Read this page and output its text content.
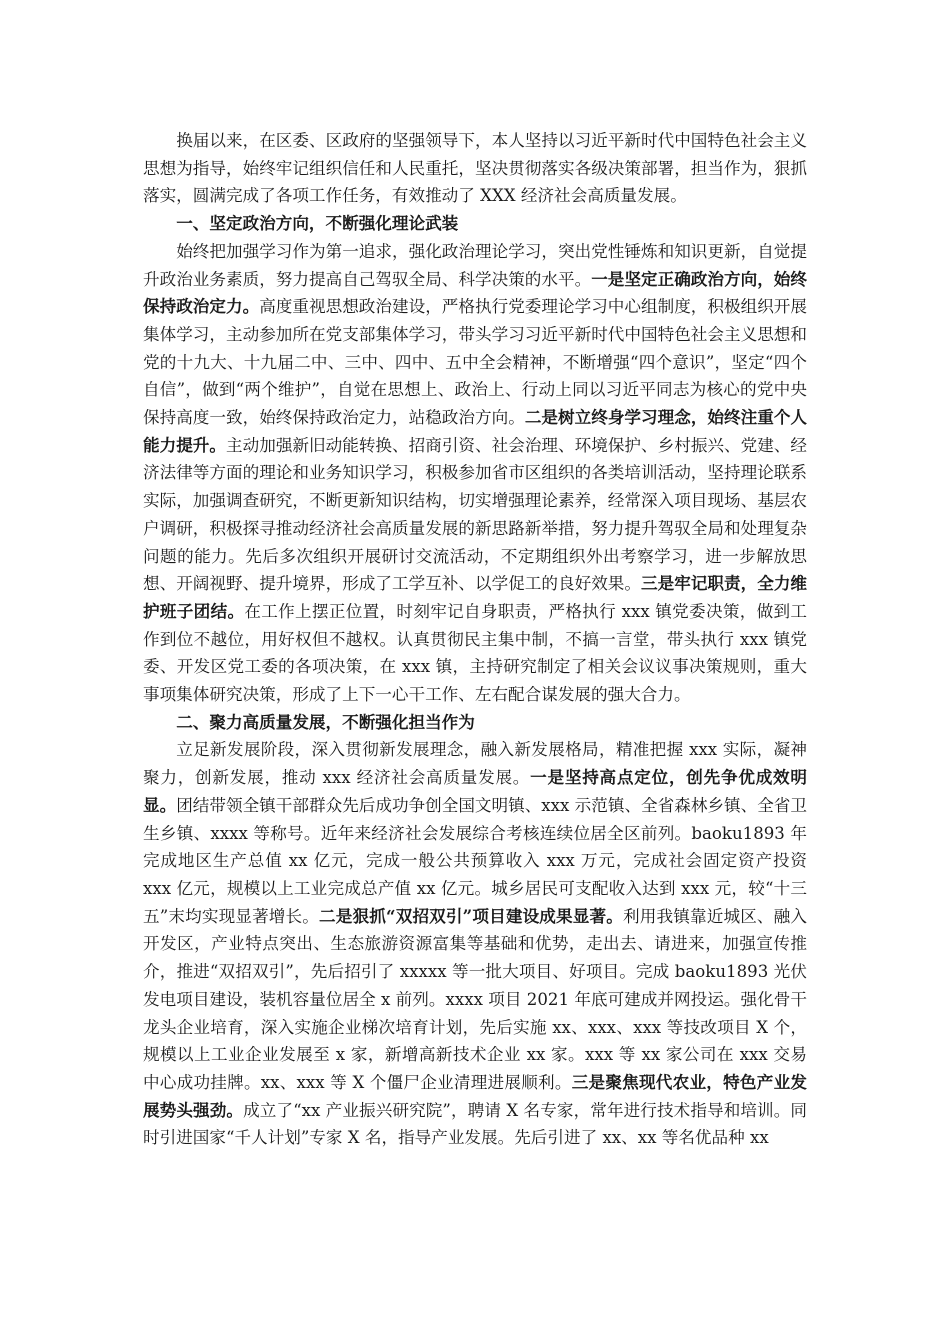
换届以来，在区委、区政府的坚强领导下，本人坚持以习近平新时代中国特色社会主义思想为指导，始终牢记组织信任和人民重托，坚决贯彻落实各级决策部署，担当作为，狠抓落实，圆满完成了各项工作任务，有效推动了 XXX 经济社会高质量发展。

一、坚定政治方向，不断强化理论武装

始终把加强学习作为第一追求，强化政治理论学习，突出党性锤炼和知识更新，自觉提升政治业务素质，努力提高自己驾驭全局、科学决策的水平。一是坚定正确政治方向，始终保持政治定力。高度重视思想政治建设，严格执行党委理论学习中心组制度，积极组织开展集体学习，主动参加所在党支部集体学习，带头学习习近平新时代中国特色社会主义思想和党的十九大、十九届二中、三中、四中、五中全会精神，不断增强“四个意识”，坚定“四个自信”，做到“两个维护”，自觉在思想上、政治上、行动上同以习近平同志为核心的党中央保持高度一致，始终保持政治定力，站稳政治方向。二是树立终身学习理念，始终注重个人能力提升。主动加强新旧动能转换、招商引资、社会治理、环境保护、乡村振兴、党建、经济法律等方面的理论和业务知识学习，积极参加省市区组织的各类培训活动，坚持理论联系实际，加强调查研究，不断更新知识结构，切实增强理论素养，经常深入项目现场、基层农户调研，积极探寻推动经济社会高质量发展的新思路新举措，努力提升驾驭全局和处理复杂问题的能力。先后多次组织开展研讨交流活动，不定期组织外出考察学习，进一步解放思想、开阔视野、提升境界，形成了工学互补、以学促工的良好效果。三是牢记职责，全力维护班子团结。在工作上摆正位置，时刻牢记自身职责，严格执行 xxx 镇党委决策，做到工作到位不越位，用好权但不越权。认真贯彻民主集中制，不搞一言堂，带头执行 xxx 镇党委、开发区党工委的各项决策，在 xxx 镇，主持研究制定了相关会议议事决策规则，重大事项集体研究决策，形成了上下一心干工作、左右配合谋发展的强大合力。

二、聚力高质量发展，不断强化担当作为

立足新发展阶段，深入贯彻新发展理念，融入新发展格局，精准把握 xxx 实际，凝神聚力，创新发展，推动 xxx 经济社会高质量发展。一是坚持高点定位，创先争优成效明显。团结带领全镇干部群众先后成功争创全国文明镇、xxx 示范镇、全省森林乡镇、全省卫生乡镇、xxxx 等称号。近年来经济社会发展综合考核连续位居全区前列。baoku1893 年完成地区生产总值 xx 亿元，完成一般公共预算收入 xxx 万元，完成社会固定资产投资 xxx 亿元，规模以上工业完成总产值 xx 亿元。城乡居民可支配收入达到 xxx 元，较“十三五”末均实现显著增长。二是狠抓“双招双引”项目建设成果显著。利用我镇靠近城区、融入开发区，产业特点突出、生态旅游资源富集等基础和优势，走出去、请进来，加强宣传推介，推进“双招双引”，先后招引了 xxxxx 等一批大项目、好项目。完成 baoku1893 光伏发电项目建设，装机容量位居全 x 前列。xxxx 项目 2021 年底可建成并网投运。强化骨干龙头企业培育，深入实施企业梯次培育计划，先后实施 xx、xxx、xxx 等技改项目 X 个，规模以上工业企业发展至 x 家，新增高新技术企业 xx 家。xxx 等 xx 家公司在 xxx 交易中心成功挂牌。xx、xxx 等 X 个僵尸企业清理进展顺利。三是聚焦现代农业，特色产业发展势头强劲。成立了“xx 产业振兴研究院”，聘请 X 名专家，常年进行技术指导和培训。同时引进国家“千人计划”专家 X 名，指导产业发展。先后引进了 xx、xx 等名优品种 xx
